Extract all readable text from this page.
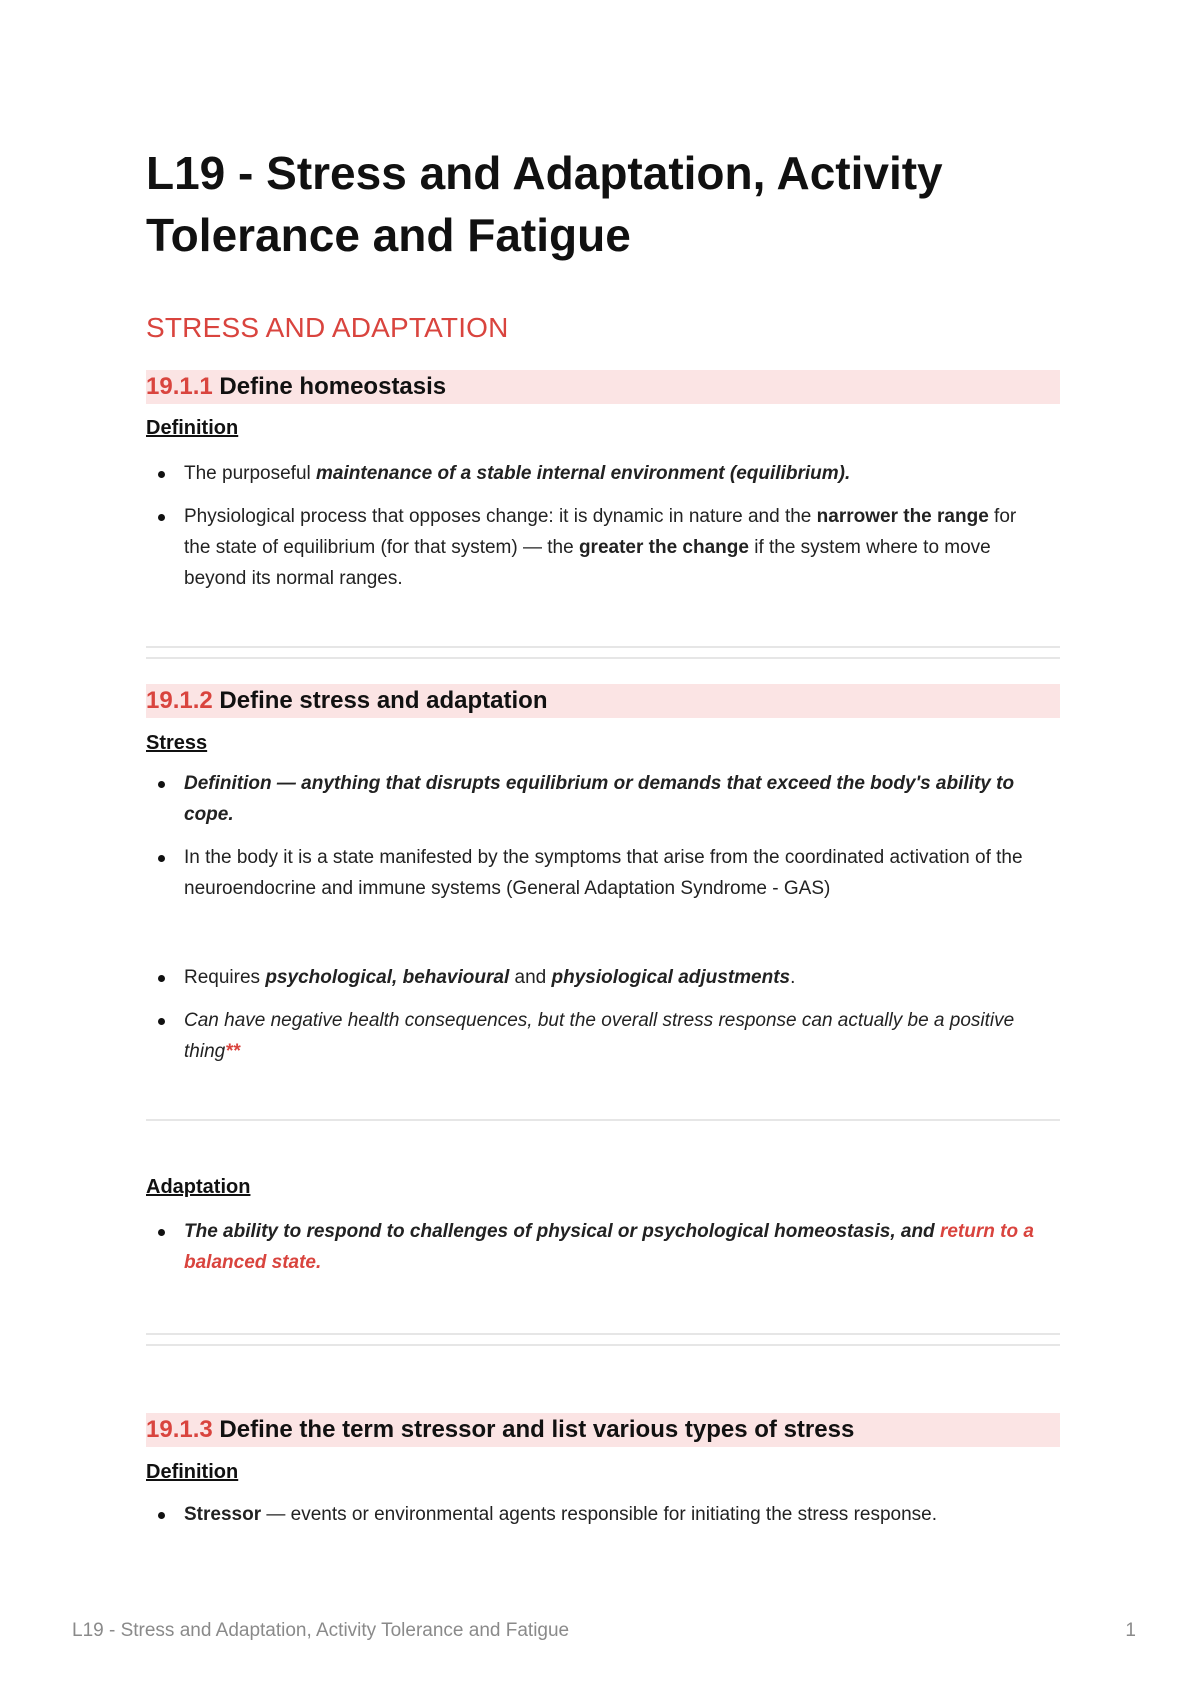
L19 - Stress and Adaptation, Activity Tolerance and Fatigue
STRESS AND ADAPTATION
19.1.1 Define homeostasis
Definition
The purposeful maintenance of a stable internal environment (equilibrium).
Physiological process that opposes change: it is dynamic in nature and the narrower the range for the state of equilibrium (for that system) — the greater the change if the system where to move beyond its normal ranges.
19.1.2 Define stress and adaptation
Stress
Definition — anything that disrupts equilibrium or demands that exceed the body's ability to cope.
In the body it is a state manifested by the symptoms that arise from the coordinated activation of the neuroendocrine and immune systems (General Adaptation Syndrome - GAS)
Requires psychological, behavioural and physiological adjustments.
Can have negative health consequences, but the overall stress response can actually be a positive thing**
Adaptation
The ability to respond to challenges of physical or psychological homeostasis, and return to a balanced state.
19.1.3 Define the term stressor and list various types of stress
Definition
Stressor — events or environmental agents responsible for initiating the stress response.
L19 - Stress and Adaptation, Activity Tolerance and Fatigue	1
